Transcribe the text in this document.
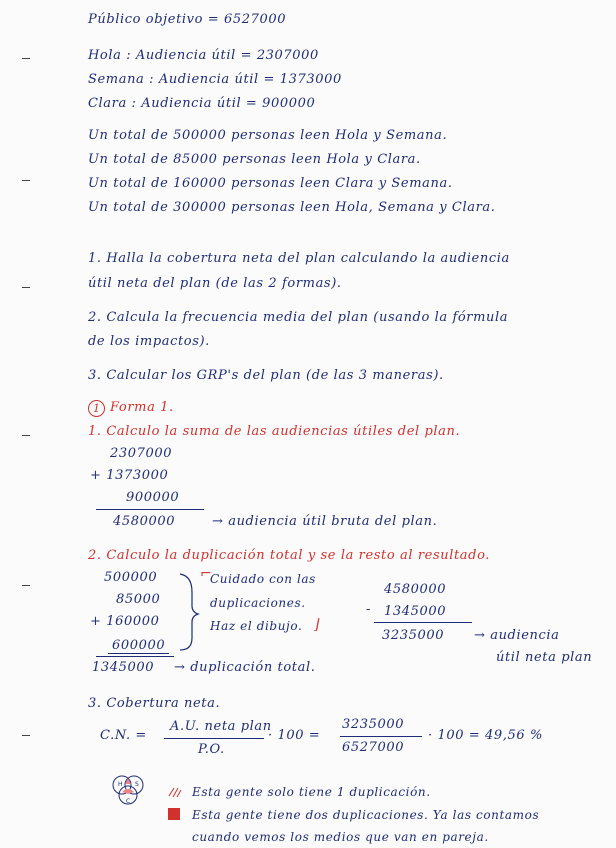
Público objetivo = 6527000
Hola : Audiencia útil = 2307000
Semana : Audiencia útil = 1373000
Clara : Audiencia útil = 900000
Un total de 500000 personas leen Hola y Semana.
Un total de 85000 personas leen Hola y Clara.
Un total de 160000 personas leen Clara y Semana.
Un total de 300000 personas leen Hola, Semana y Clara.
1. Halla la cobertura neta del plan calculando la audiencia
útil neta del plan (de las 2 formas).
2. Calcula la frecuencia media del plan (usando la fórmula
de los impactos).
3. Calcular los GRP's del plan (de las 3 maneras).
1 Forma 1.
1. Calculo la suma de las audiencias útiles del plan.
2307000
+ 1373000
900000
4580000	→ audiencia útil bruta del plan.
2. Calculo la duplicación total y se la resto al resultado.
500000
85000
+ 160000
600000
1345000 → duplicación total.
⌐
Cuidado con las
duplicaciones.
Haz el dibujo. ⌋
4580000
- 1345000
3235000 → audiencia
útil neta plan
3. Cobertura neta.
C.N. =
A.U. neta plan
P.O.
· 100 =
3235000
6527000
· 100 = 49,56 %
H S
C
Esta gente solo tiene 1 duplicación.
Esta gente tiene dos duplicaciones. Ya las contamos
cuando vemos los medios que van en pareja.
